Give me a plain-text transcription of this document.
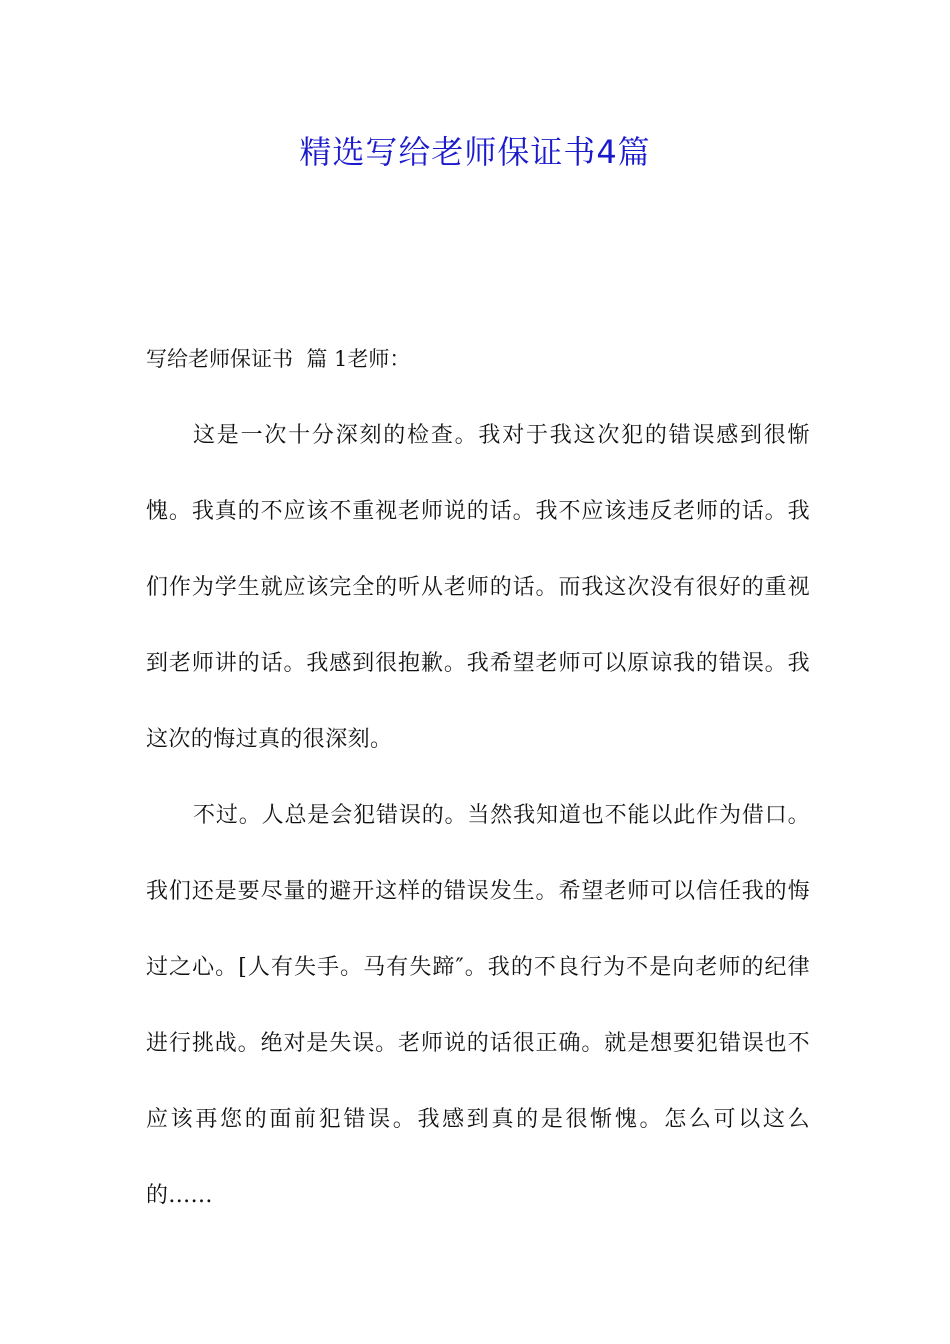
精选写给老师保证书4篇
写给老师保证书 篇 1老师：

这是一次十分深刻的检查。我对于我这次犯的错误感到很惭愧。我真的不应该不重视老师说的话。我不应该违反老师的话。我们作为学生就应该完全的听从老师的话。而我这次没有很好的重视到老师讲的话。我感到很抱歉。我希望老师可以原谅我的错误。我这次的悔过真的很深刻。

不过。人总是会犯错误的。当然我知道也不能以此作为借口。我们还是要尽量的避开这样的错误发生。希望老师可以信任我的悔过之心。[人有失手。马有失蹄″。我的不良行为不是向老师的纪律进行挑战。绝对是失误。老师说的话很正确。就是想要犯错误也不应该再您的面前犯错误。我感到真的是很惭愧。怎么可以这么的......
